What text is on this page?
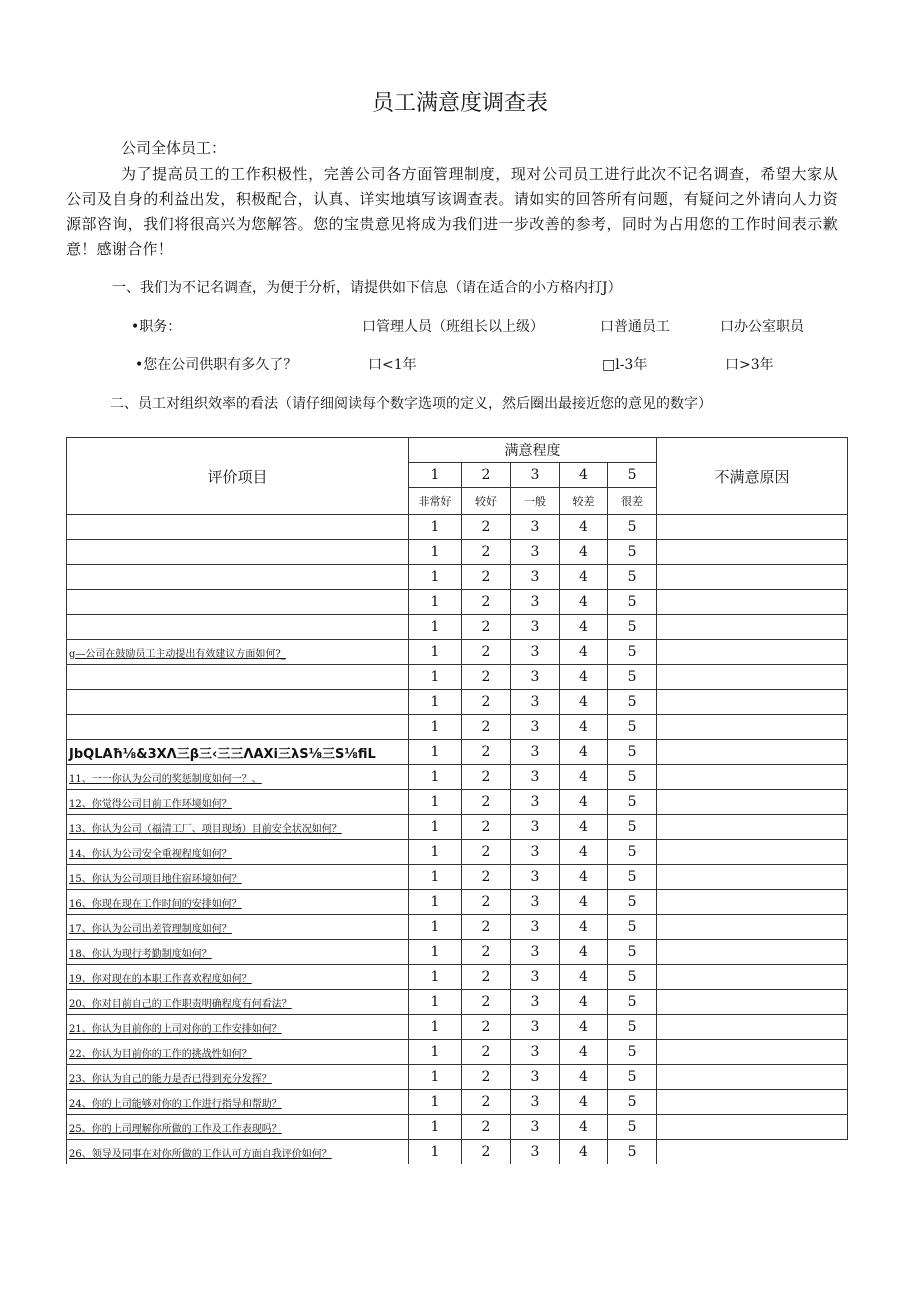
员工满意度调查表
公司全体员工：
为了提高员工的工作积极性，完善公司各方面管理制度，现对公司员工进行此次不记名调查，希望大家从公司及自身的利益出发，积极配合，认真、详实地填写该调查表。请如实的回答所有问题，有疑问之外请向人力资源部咨询，我们将很高兴为您解答。您的宝贵意见将成为我们进一步改善的参考，同时为占用您的工作时间表示歉意！感谢合作！
一、我们为不记名调查，为便于分析，请提供如下信息（请在适合的小方格内打J）
•职务：	口管理人员（班组长以上级）	口普通员工	口办公室职员
•您在公司供职有多久了？	口<1年	□l-3年	口>3年
二、员工对组织效率的看法（请仔细阅读每个数字选项的定义，然后圈出最接近您的意见的数字）
评价项目	满意程度					不满意原因
	1	2	3	4	5	
	非常好	较好	一般	较差	很差	
	1	2	3	4	5	
	1	2	3	4	5	
	1	2	3	4	5	
	1	2	3	4	5	
	1	2	3	4	5	
g—公司在鼓励员工主动提出有效建议方面如何?_	1	2	3	4	5	
	1	2	3	4	5	
	1	2	3	4	5	
	1	2	3	4	5	
JbQLAħ⅛&3XΛ三β三‹三三ΛAXi三λS⅛三S⅛fiL	1	2	3	4	5	
11、一一你认为公司的奖惩制度如何一？、	1	2	3	4	5	
12、你觉得公司目前工作环境如何？	1	2	3	4	5	
13、你认为公司（福清工厂、项目现场）目前安全状况如何？	1	2	3	4	5	
14、你认为公司安全重视程度如何？	1	2	3	4	5	
15、你认为公司项目地住宿环境如何？	1	2	3	4	5	
16、你现在现在工作时间的安排如何？	1	2	3	4	5	
17、你认为公司出差管理制度如何？	1	2	3	4	5	
18、你认为现行考勤制度如何？	1	2	3	4	5	
19、你对现在的本职工作喜欢程度如何？	1	2	3	4	5	
20、你对目前自己的工作职责明确程度有何看法？	1	2	3	4	5	
21、你认为目前你的上司对你的工作安排如何？	1	2	3	4	5	
22、你认为目前你的工作的挑战性如何？	1	2	3	4	5	
23、你认为自己的能力是否已得到充分发挥？	1	2	3	4	5	
24、你的上司能够对你的工作进行指导和帮助？	1	2	3	4	5	
25、你的上司理解你所做的工作及工作表现吗？	1	2	3	4	5	
26、领导及同事在对你所做的工作认可方面自我评价如何？	1	2	3	4	5	
